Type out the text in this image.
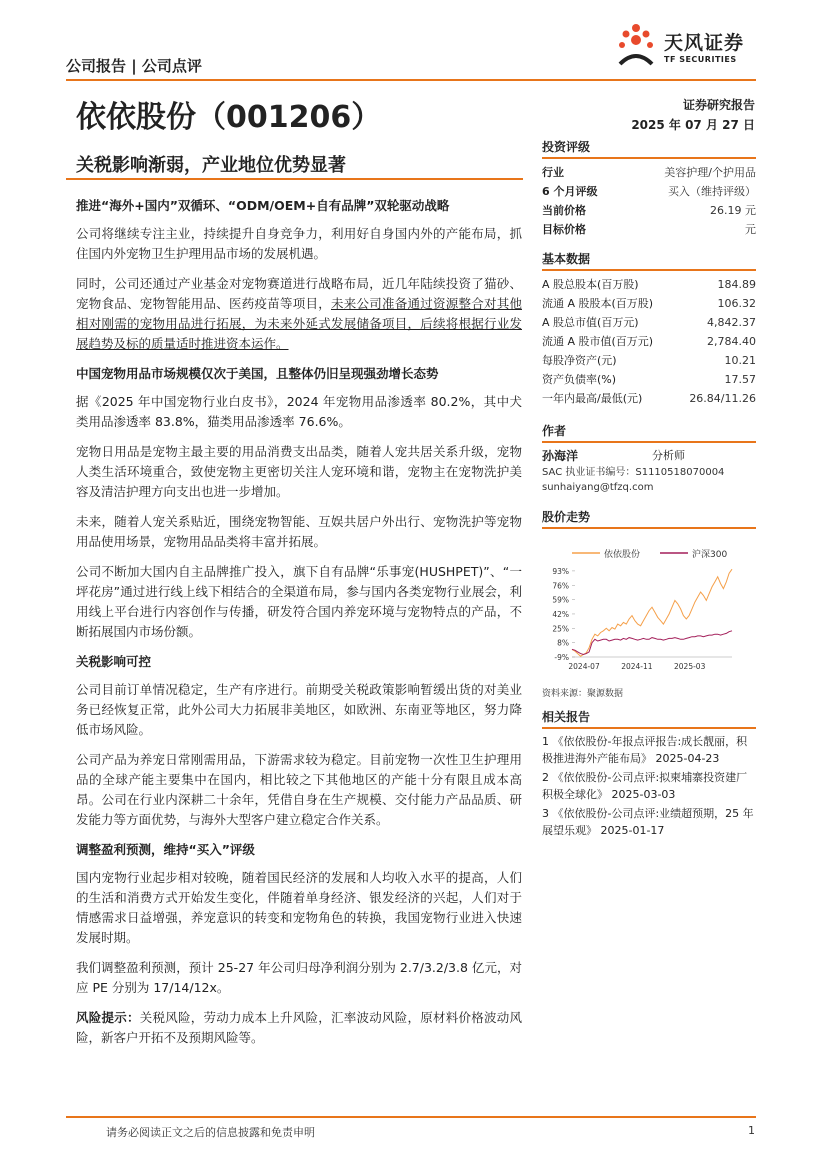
公司报告 | 公司点评
天风证券
TF SECURITIES
依依股份（001206）	证券研究报告
2025 年 07 月 27 日
关税影响渐弱，产业地位优势显著
推进“海外+国内”双循环、“ODM/OEM+自有品牌”双轮驱动战略

公司将继续专注主业，持续提升自身竞争力，利用好自身国内外的产能布局，抓住国内外宠物卫生护理用品市场的发展机遇。

同时，公司还通过产业基金对宠物赛道进行战略布局，近几年陆续投资了猫砂、宠物食品、宠物智能用品、医药疫苗等项目，未来公司准备通过资源整合对其他相对刚需的宠物用品进行拓展，为未来外延式发展储备项目，后续将根据行业发展趋势及标的质量适时推进资本运作。

中国宠物用品市场规模仅次于美国，且整体仍旧呈现强劲增长态势

据《2025 年中国宠物行业白皮书》，2024 年宠物用品渗透率 80.2%，其中犬类用品渗透率 83.8%，猫类用品渗透率 76.6%。

宠物日用品是宠物主最主要的用品消费支出品类，随着人宠共居关系升级，宠物人类生活环境重合，致使宠物主更密切关注人宠环境和谐，宠物主在宠物洗护美容及清洁护理方向支出也进一步增加。

未来，随着人宠关系贴近，围绕宠物智能、互娱共居户外出行、宠物洗护等宠物用品使用场景，宠物用品品类将丰富并拓展。

公司不断加大国内自主品牌推广投入，旗下自有品牌“乐事宠(HUSHPET)”、“一坪花房”通过进行线上线下相结合的全渠道布局，参与国内各类宠物行业展会，利用线上平台进行内容创作与传播，研发符合国内养宠环境与宠物特点的产品，不断拓展国内市场份额。

关税影响可控

公司目前订单情况稳定，生产有序进行。前期受关税政策影响暂缓出货的对美业务已经恢复正常，此外公司大力拓展非美地区，如欧洲、东南亚等地区，努力降低市场风险。

公司产品为养宠日常刚需用品，下游需求较为稳定。目前宠物一次性卫生护理用品的全球产能主要集中在国内，相比较之下其他地区的产能十分有限且成本高昂。公司在行业内深耕二十余年，凭借自身在生产规模、交付能力产品品质、研发能力等方面优势，与海外大型客户建立稳定合作关系。

调整盈利预测，维持“买入”评级

国内宠物行业起步相对较晚，随着国民经济的发展和人均收入水平的提高，人们的生活和消费方式开始发生变化，伴随着单身经济、银发经济的兴起，人们对于情感需求日益增强，养宠意识的转变和宠物角色的转换，我国宠物行业进入快速发展时期。

我们调整盈利预测，预计 25-27 年公司归母净利润分别为 2.7/3.2/3.8 亿元，对应 PE 分别为 17/14/12x。

风险提示：关税风险，劳动力成本上升风险，汇率波动风险，原材料价格波动风险，新客户开拓不及预期风险等。

投资评级
行业	美容护理/个护用品
6 个月评级	买入（维持评级）
当前价格	26.19 元
目标价格	元
基本数据
A 股总股本(百万股)	184.89
流通 A 股股本(百万股)	106.32
A 股总市值(百万元)	4,842.37
流通 A 股市值(百万元)	2,784.40
每股净资产(元)	10.21
资产负债率(%)	17.57
一年内最高/最低(元)	26.84/11.26
作者
孙海洋	分析师
SAC 执业证书编号：S1110518070004
sunhaiyang@tfzq.com
股价走势
依依股份	沪深300
93%
76%
59%
42%
25%
8%
-9%
2024-07	2024-11	2025-03
资料来源：聚源数据
相关报告
1 《依依股份-年报点评报告:成长靓丽，积极推进海外产能布局》 2025-04-23
2 《依依股份-公司点评:拟柬埔寨投资建厂积极全球化》 2025-03-03
3 《依依股份-公司点评:业绩超预期，25 年展望乐观》 2025-01-17
请务必阅读正文之后的信息披露和免责申明	1
